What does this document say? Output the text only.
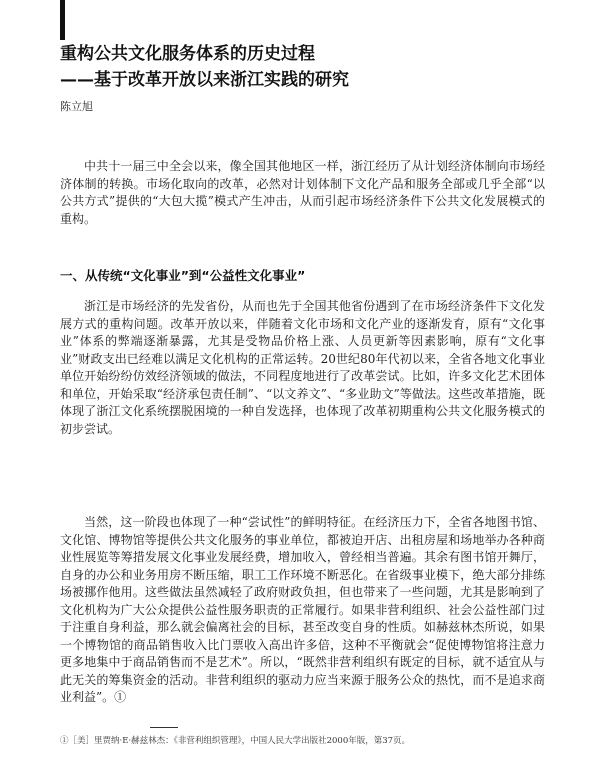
重构公共文化服务体系的历史过程
——基于改革开放以来浙江实践的研究

陈立旭

中共十一届三中全会以来，像全国其他地区一样，浙江经历了从计划经济体制向市场经济体制的转换。市场化取向的改革，必然对计划体制下文化产品和服务全部或几乎全部“以公共方式”提供的“大包大揽”模式产生冲击，从而引起市场经济条件下公共文化发展模式的重构。

一、从传统“文化事业”到“公益性文化事业”

浙江是市场经济的先发省份，从而也先于全国其他省份遇到了在市场经济条件下文化发展方式的重构问题。改革开放以来，伴随着文化市场和文化产业的逐渐发育，原有“文化事业”体系的弊端逐渐暴露，尤其是受物品价格上涨、人员更新等因素影响，原有“文化事业”财政支出已经难以满足文化机构的正常运转。20世纪80年代初以来，全省各地文化事业单位开始纷纷仿效经济领域的做法，不同程度地进行了改革尝试。比如，许多文化艺术团体和单位，开始采取“经济承包责任制”、“以文养文”、“多业助文”等做法。这些改革措施，既体现了浙江文化系统摆脱困境的一种自发选择，也体现了改革初期重构公共文化服务模式的初步尝试。

当然，这一阶段也体现了一种“尝试性”的鲜明特征。在经济压力下，全省各地图书馆、文化馆、博物馆等提供公共文化服务的事业单位，都被迫开店、出租房屋和场地举办各种商业性展览等筹措发展文化事业发展经费，增加收入，曾经相当普遍。其余有图书馆开舞厅，自身的办公和业务用房不断压缩，职工工作环境不断恶化。在省级事业模下，绝大部分排练场被挪作他用。这些做法虽然减轻了政府财政负担，但也带来了一些问题，尤其是影响到了文化机构为广大公众提供公益性服务职责的正常履行。如果非营利组织、社会公益性部门过于注重自身利益，那么就会偏离社会的目标，甚至改变自身的性质。如赫兹林杰所说，如果一个博物馆的商品销售收入比门票收入高出许多倍，这种不平衡就会“促使博物馆将注意力更多地集中于商品销售而不是艺术”。所以，“既然非营利组织有既定的目标，就不适宜从与此无关的筹集资金的活动。非营利组织的驱动力应当来源于服务公众的热忱，而不是追求商业利益”。①

①［美］里贾纳·E·赫兹林杰：《非营利组织管理》，中国人民大学出版社2000年版，第37页。
